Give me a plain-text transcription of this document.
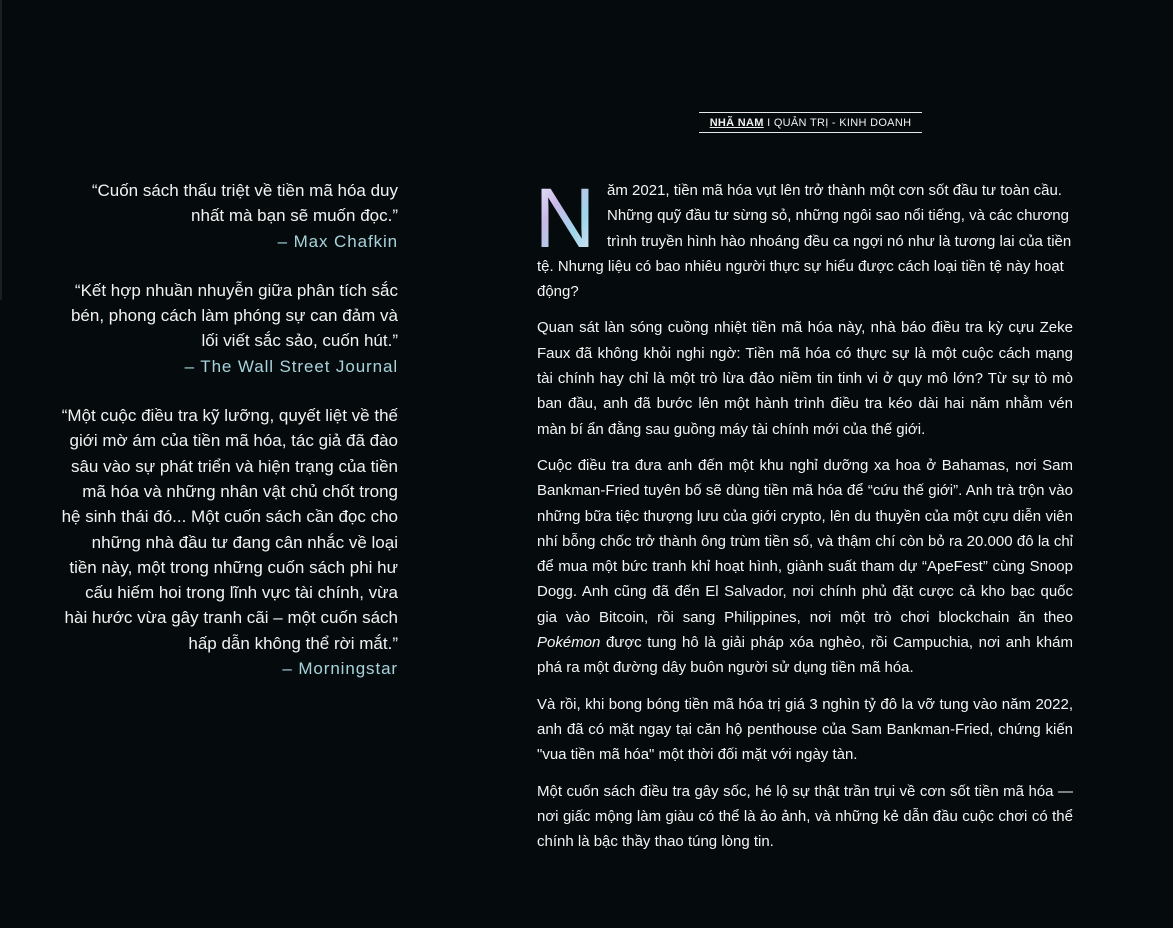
NHÃ NAM I QUẢN TRỊ - KINH DOANH

“Cuốn sách thấu triệt về tiền mã hóa duy nhất mà bạn sẽ muốn đọc.”

– Max Chafkin

“Kết hợp nhuần nhuyễn giữa phân tích sắc bén, phong cách làm phóng sự can đảm và lối viết sắc sảo, cuốn hút.”

– The Wall Street Journal

“Một cuộc điều tra kỹ lưỡng, quyết liệt về thế giới mờ ám của tiền mã hóa, tác giả đã đào sâu vào sự phát triển và hiện trạng của tiền mã hóa và những nhân vật chủ chốt trong hệ sinh thái đó... Một cuốn sách cần đọc cho những nhà đầu tư đang cân nhắc về loại tiền này, một trong những cuốn sách phi hư cấu hiếm hoi trong lĩnh vực tài chính, vừa hài hước vừa gây tranh cãi – một cuốn sách hấp dẫn không thể rời mắt.”

– Morningstar

N ăm 2021, tiền mã hóa vụt lên trở thành một cơn sốt đầu tư toàn cầu. Những quỹ đầu tư sừng sỏ, những ngôi sao nổi tiếng, và các chương trình truyền hình hào nhoáng đều ca ngợi nó như là tương lai của tiền tệ. Nhưng liệu có bao nhiêu người thực sự hiểu được cách loại tiền tệ này hoạt động?

Quan sát làn sóng cuồng nhiệt tiền mã hóa này, nhà báo điều tra kỳ cựu Zeke Faux đã không khỏi nghi ngờ: Tiền mã hóa có thực sự là một cuộc cách mạng tài chính hay chỉ là một trò lừa đảo niềm tin tinh vi ở quy mô lớn? Từ sự tò mò ban đầu, anh đã bước lên một hành trình điều tra kéo dài hai năm nhằm vén màn bí ẩn đằng sau guồng máy tài chính mới của thế giới.

Cuộc điều tra đưa anh đến một khu nghỉ dưỡng xa hoa ở Bahamas, nơi Sam Bankman-Fried tuyên bố sẽ dùng tiền mã hóa để “cứu thế giới”. Anh trà trộn vào những bữa tiệc thượng lưu của giới crypto, lên du thuyền của một cựu diễn viên nhí bỗng chốc trở thành ông trùm tiền số, và thậm chí còn bỏ ra 20.000 đô la chỉ để mua một bức tranh khỉ hoạt hình, giành suất tham dự “ApeFest” cùng Snoop Dogg. Anh cũng đã đến El Salvador, nơi chính phủ đặt cược cả kho bạc quốc gia vào Bitcoin, rồi sang Philippines, nơi một trò chơi blockchain ăn theo Pokémon được tung hô là giải pháp xóa nghèo, rồi Campuchia, nơi anh khám phá ra một đường dây buôn người sử dụng tiền mã hóa.

Và rồi, khi bong bóng tiền mã hóa trị giá 3 nghìn tỷ đô la vỡ tung vào năm 2022, anh đã có mặt ngay tại căn hộ penthouse của Sam Bankman-Fried, chứng kiến "vua tiền mã hóa" một thời đối mặt với ngày tàn.

Một cuốn sách điều tra gây sốc, hé lộ sự thật trần trụi về cơn sốt tiền mã hóa — nơi giấc mộng làm giàu có thể là ảo ảnh, và những kẻ dẫn đầu cuộc chơi có thể chính là bậc thầy thao túng lòng tin.
